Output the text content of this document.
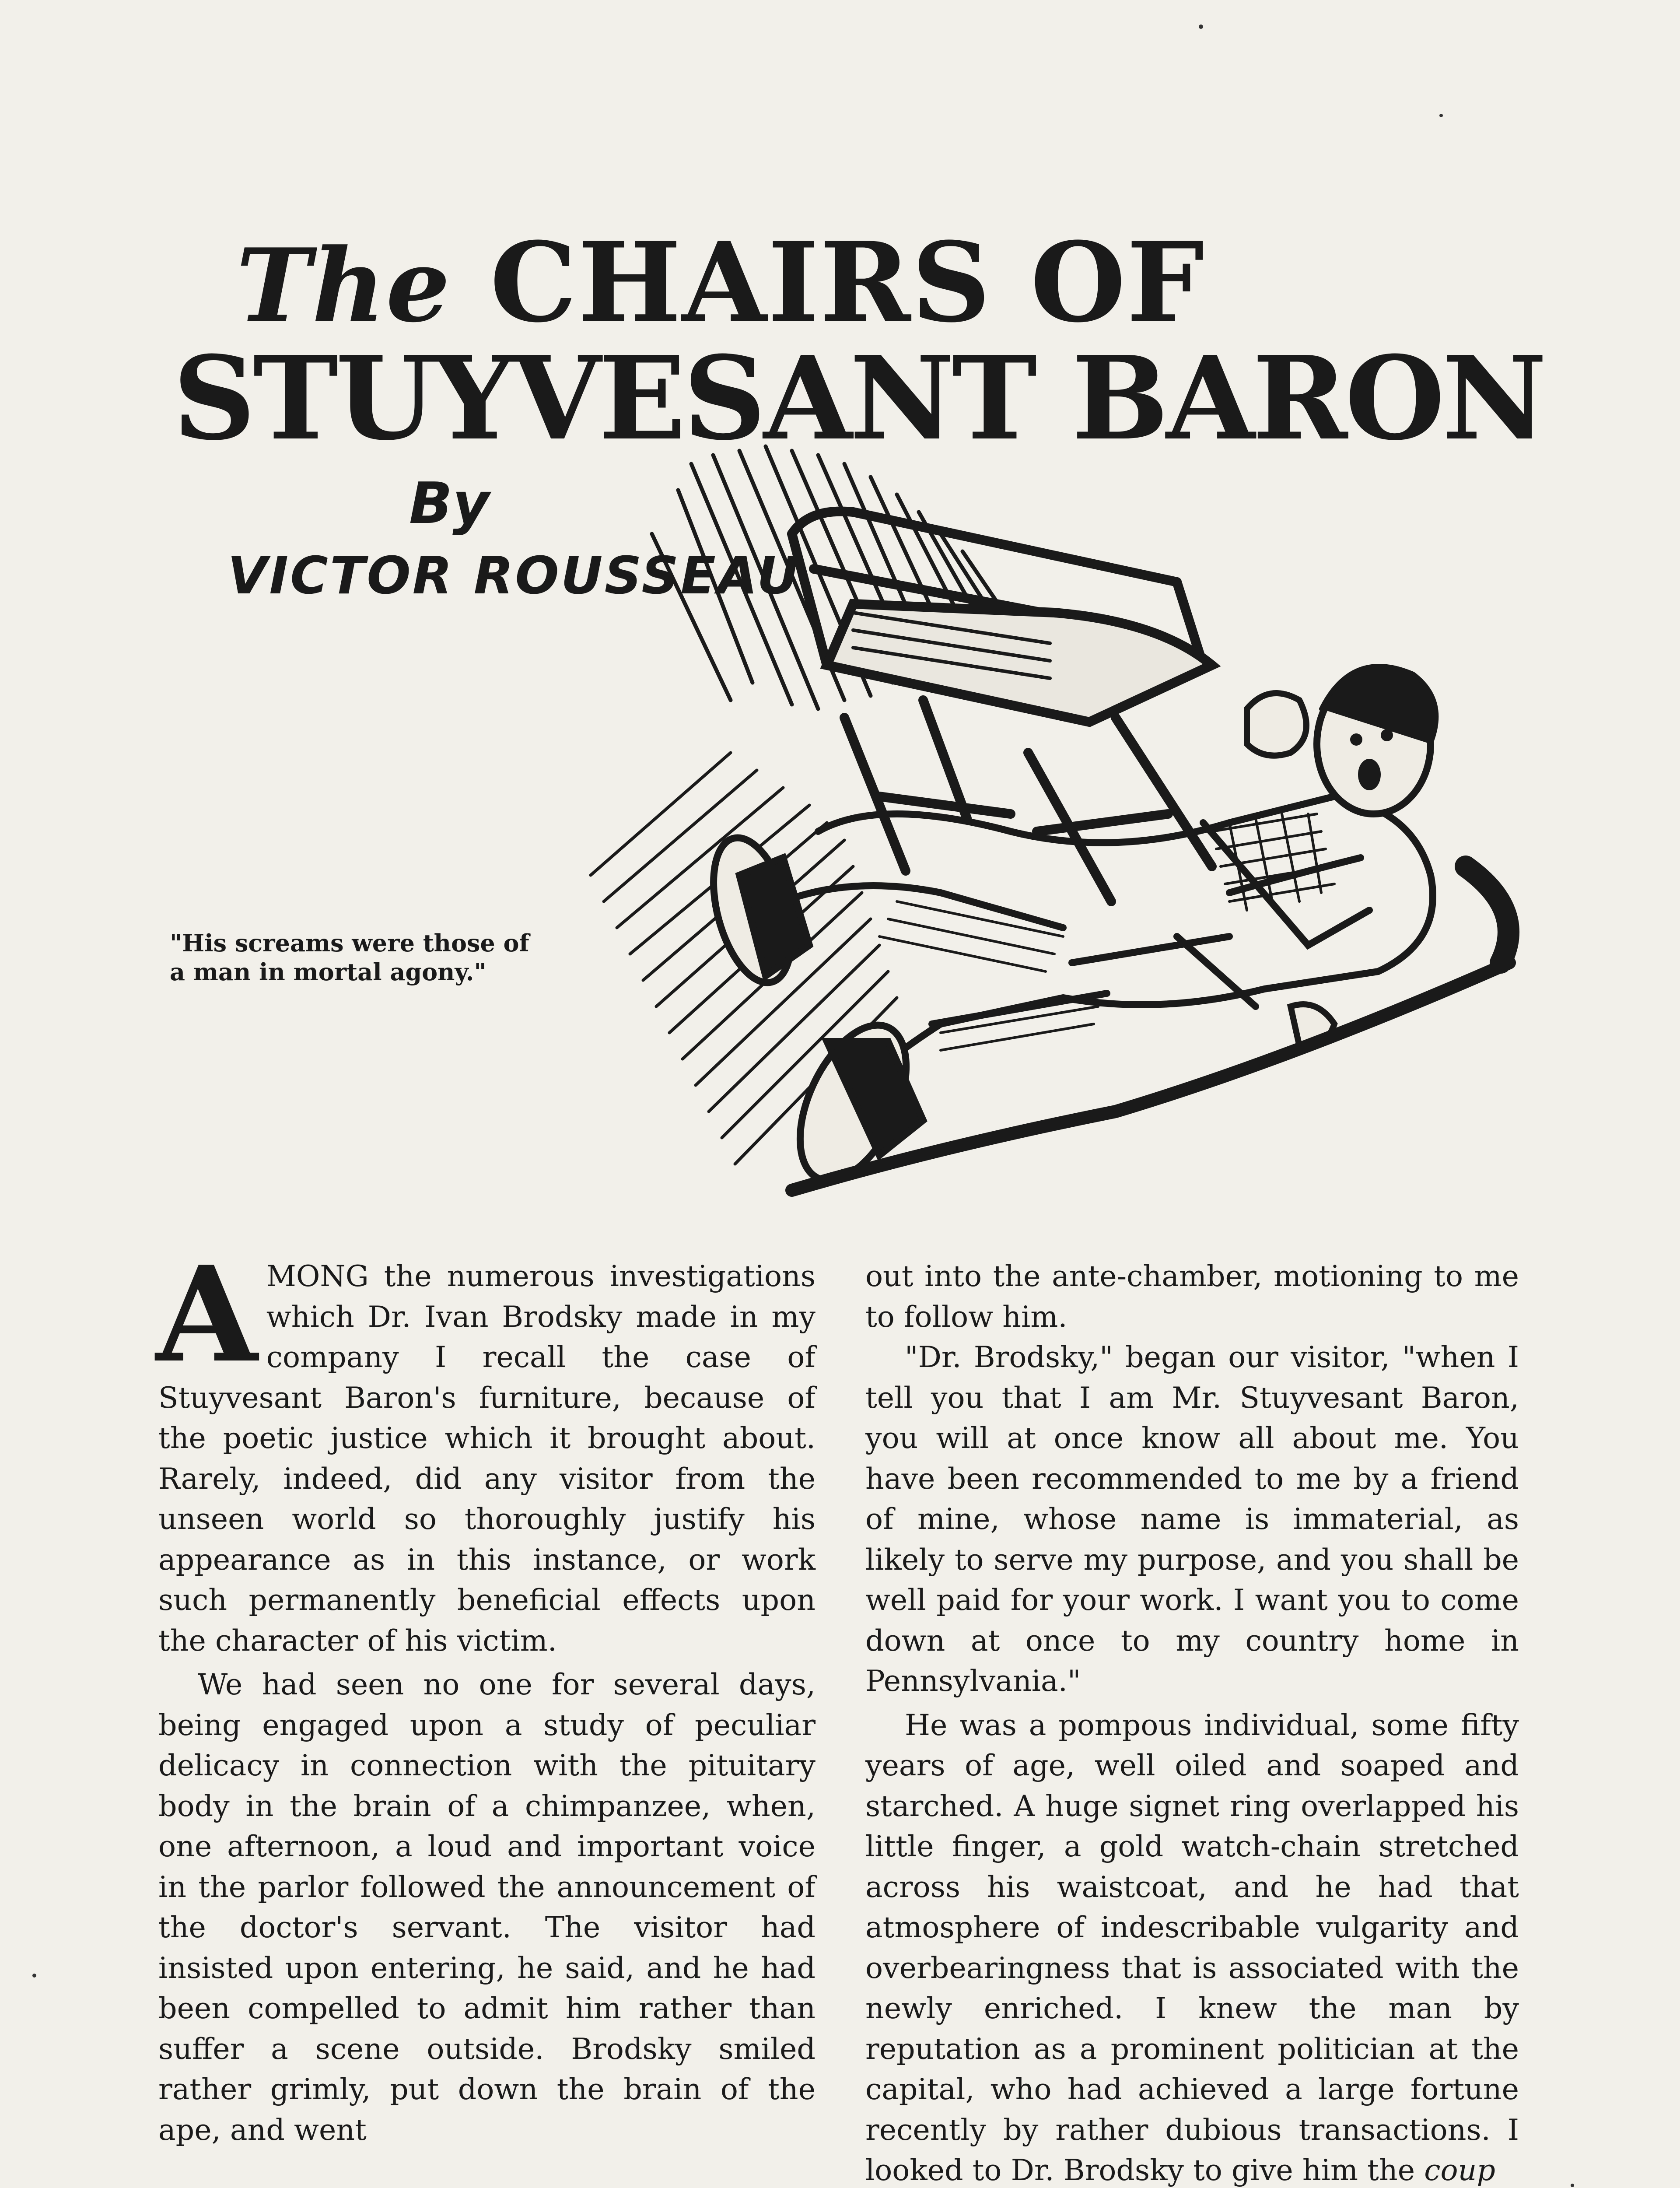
The CHAIRS OF
STUYVESANT BARON
By
VICTOR ROUSSEAU
"His screams were those of
a man in mortal agony."

AMONG the numerous investigations which Dr. Ivan Brodsky made in my company I recall the case of Stuyvesant Baron's furniture, because of the poetic justice which it brought about. Rarely, indeed, did any visitor from the unseen world so thoroughly justify his appearance as in this instance, or work such permanently beneficial effects upon the character of his victim.

We had seen no one for several days, being engaged upon a study of peculiar delicacy in connection with the pituitary body in the brain of a chimpanzee, when, one afternoon, a loud and important voice in the parlor followed the announcement of the doctor's servant. The visitor had insisted upon entering, he said, and he had been compelled to admit him rather than suffer a scene outside. Brodsky smiled rather grimly, put down the brain of the ape, and went

out into the ante-chamber, motioning to me to follow him.

"Dr. Brodsky," began our visitor, "when I tell you that I am Mr. Stuyvesant Baron, you will at once know all about me. You have been recommended to me by a friend of mine, whose name is immaterial, as likely to serve my purpose, and you shall be well paid for your work. I want you to come down at once to my country home in Pennsylvania."

He was a pompous individual, some fifty years of age, well oiled and soaped and starched. A huge signet ring overlapped his little finger, a gold watch-chain stretched across his waistcoat, and he had that atmosphere of indescribable vulgarity and overbearingness that is associated with the newly enriched. I knew the man by reputation as a prominent politician at the capital, who had achieved a large fortune recently by rather dubious transactions. I looked to Dr. Brodsky to give him the coup
